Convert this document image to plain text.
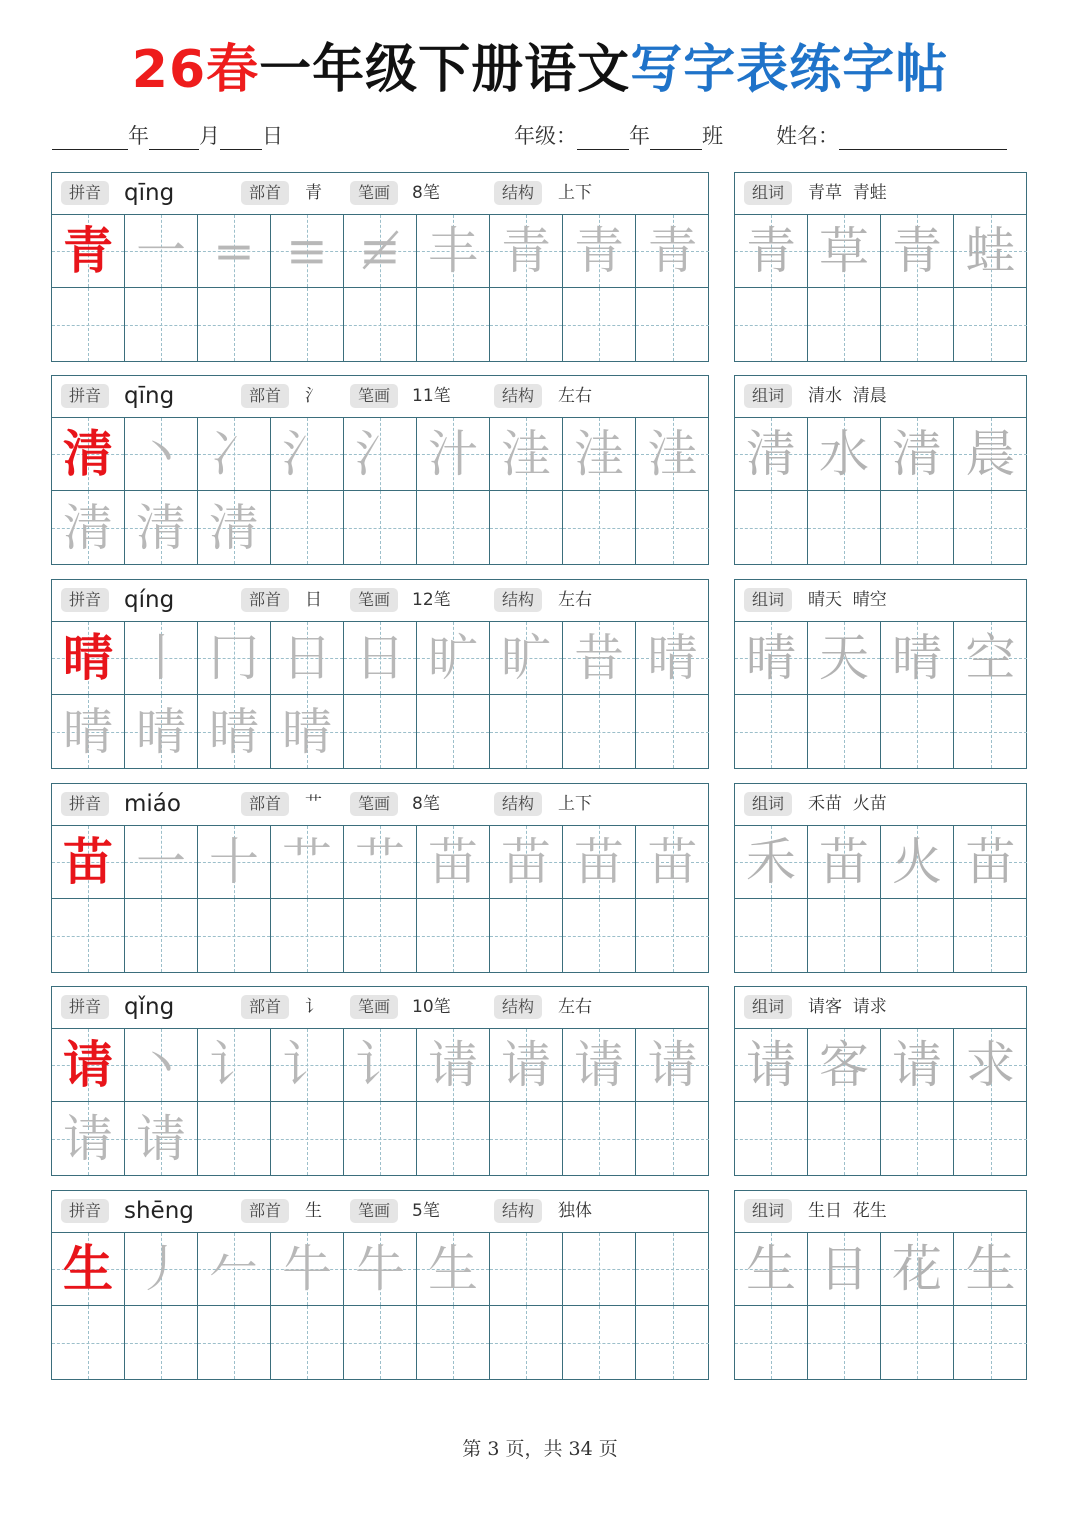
26春一年级下册语文写字表练字帖
年 月 日	年级： 年 班	姓名：
拼音 qīng	部首	青	笔画	8笔	结构	上下
青 一 = ≡ ≢ 丰 青 青 青
组词	青草  青蛙
青 草 青 蛙
拼音 qīng	部首	氵	笔画	11笔	结构	左右
清 丶 冫 氵 氵 汁 洼 洼 洼
清 清 清
组词	清水  清晨
清 水 清 晨
拼音 qíng	部首	日	笔画	12笔	结构	左右
晴 丨 冂 日 日 旷 旷 昔 晴
晴 晴 晴 晴
组词	晴天  晴空
晴 天 晴 空
拼音 miáo	部首	艹	笔画	8笔	结构	上下
苗 一 十 艹 艹 苗 苗 苗 苗
组词	禾苗  火苗
禾 苗 火 苗
拼音 qǐng	部首	讠	笔画	10笔	结构	左右
请 丶 讠 讠 讠 请 请 请 请
请 请
组词	请客  请求
请 客 请 求
拼音 shēng	部首	生	笔画	5笔	结构	独体
生 丿 𠂉 牛 牛 生
组词	生日  花生
生 日 花 生
第 3 页，共 34 页
